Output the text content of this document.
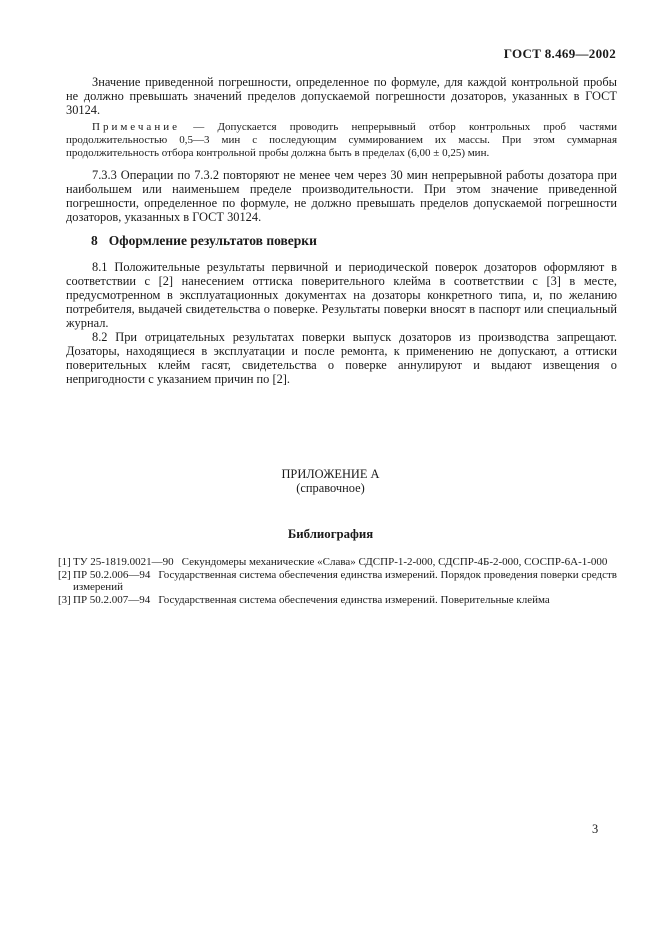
ГОСТ 8.469—2002

Значение приведенной погрешности, определенное по формуле, для каждой контрольной пробы не должно превышать значений пределов допускаемой погрешности дозаторов, указанных в ГОСТ 30124.

Примечание — Допускается проводить непрерывный отбор контрольных проб частями продолжительностью 0,5—3 мин с последующим суммированием их массы. При этом суммарная продолжительность отбора контрольной пробы должна быть в пределах (6,00 ± 0,25) мин.

7.3.3 Операции по 7.3.2 повторяют не менее чем через 30 мин непрерывной работы дозатора при наибольшем или наименьшем пределе производительности. При этом значение приведенной погрешности, определенное по формуле, не должно превышать пределов допускаемой погрешности дозаторов, указанных в ГОСТ 30124.

8 Оформление результатов поверки

8.1 Положительные результаты первичной и периодической поверок дозаторов оформляют в соответствии с [2] нанесением оттиска поверительного клейма в соответствии с [3] в месте, предусмотренном в эксплуатационных документах на дозаторы конкретного типа, и, по желанию потребителя, выдачей свидетельства о поверке. Результаты поверки вносят в паспорт или специальный журнал.

8.2 При отрицательных результатах поверки выпуск дозаторов из производства запрещают. Дозаторы, находящиеся в эксплуатации и после ремонта, к применению не допускают, а оттиски поверительных клейм гасят, свидетельства о поверке аннулируют и выдают извещения о непригодности с указанием причин по [2].

ПРИЛОЖЕНИЕ А
(справочное)
Библиография
[1] ТУ 25-1819.0021—90 Секундомеры механические «Слава» СДСПР-1-2-000, СДСПР-4Б-2-000, СОСПР-6А-1-000
[2] ПР 50.2.006—94 Государственная система обеспечения единства измерений. Порядок проведения поверки средств измерений
[3] ПР 50.2.007—94 Государственная система обеспечения единства измерений. Поверительные клейма
3
